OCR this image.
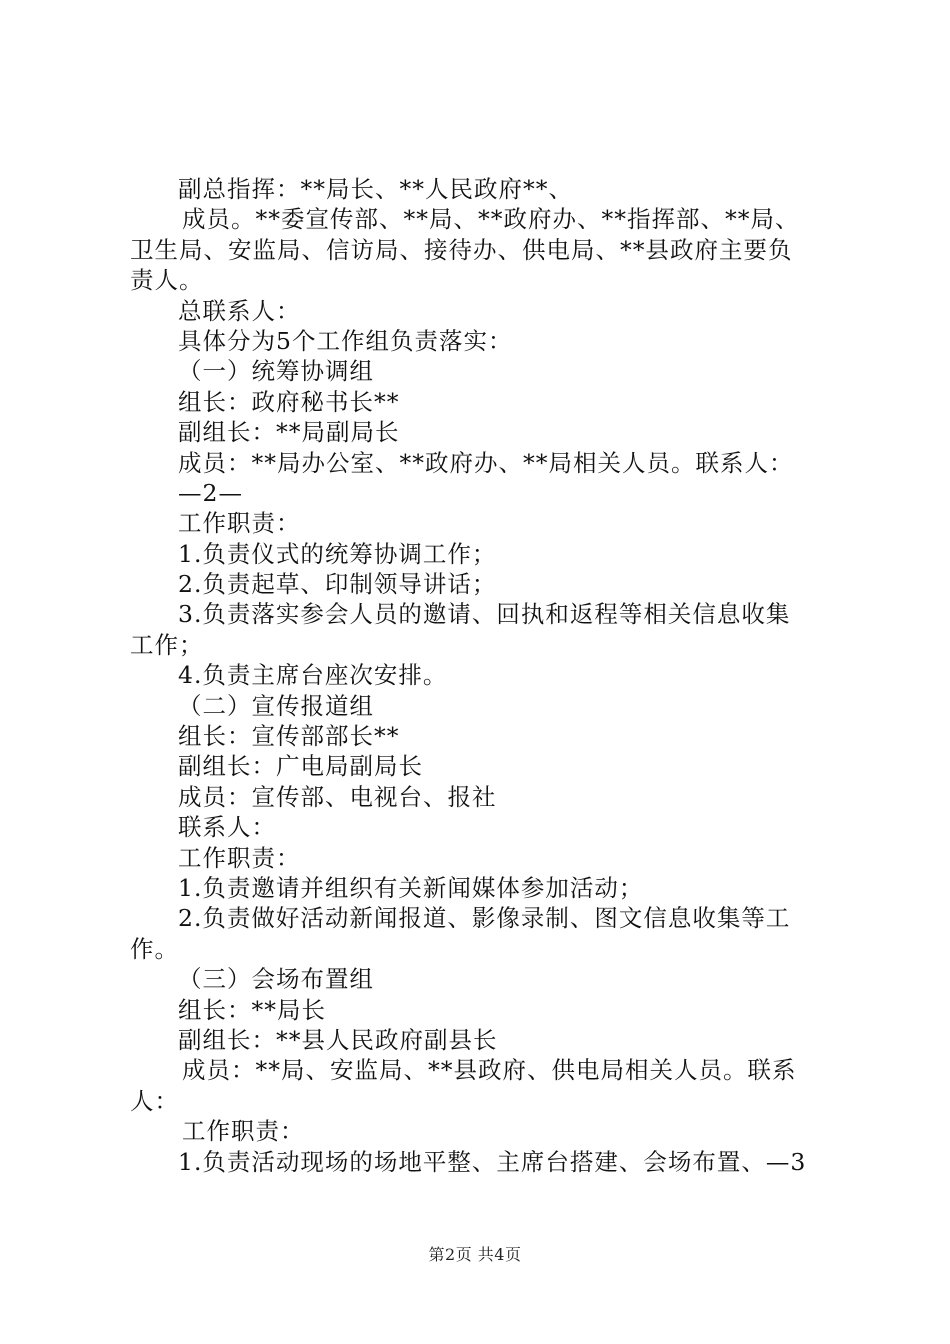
副总指挥：**局长、**人民政府**、
成员。**委宣传部、**局、**政府办、**指挥部、**局、
卫生局、安监局、信访局、接待办、供电局、**县政府主要负
责人。
总联系人：
具体分为5个工作组负责落实：
（一）统筹协调组
组长：政府秘书长**
副组长：**局副局长
成员：**局办公室、**政府办、**局相关人员。联系人：
—2—
工作职责：
1.负责仪式的统筹协调工作；
2.负责起草、印制领导讲话；
3.负责落实参会人员的邀请、回执和返程等相关信息收集
工作；
4.负责主席台座次安排。
（二）宣传报道组
组长：宣传部部长**
副组长：广电局副局长
成员：宣传部、电视台、报社
联系人：
工作职责：
1.负责邀请并组织有关新闻媒体参加活动；
2.负责做好活动新闻报道、影像录制、图文信息收集等工
作。
（三）会场布置组
组长：**局长
副组长：**县人民政府副县长
成员：**局、安监局、**县政府、供电局相关人员。联系
人：
工作职责：
1.负责活动现场的场地平整、主席台搭建、会场布置、—3
第2页 共4页
